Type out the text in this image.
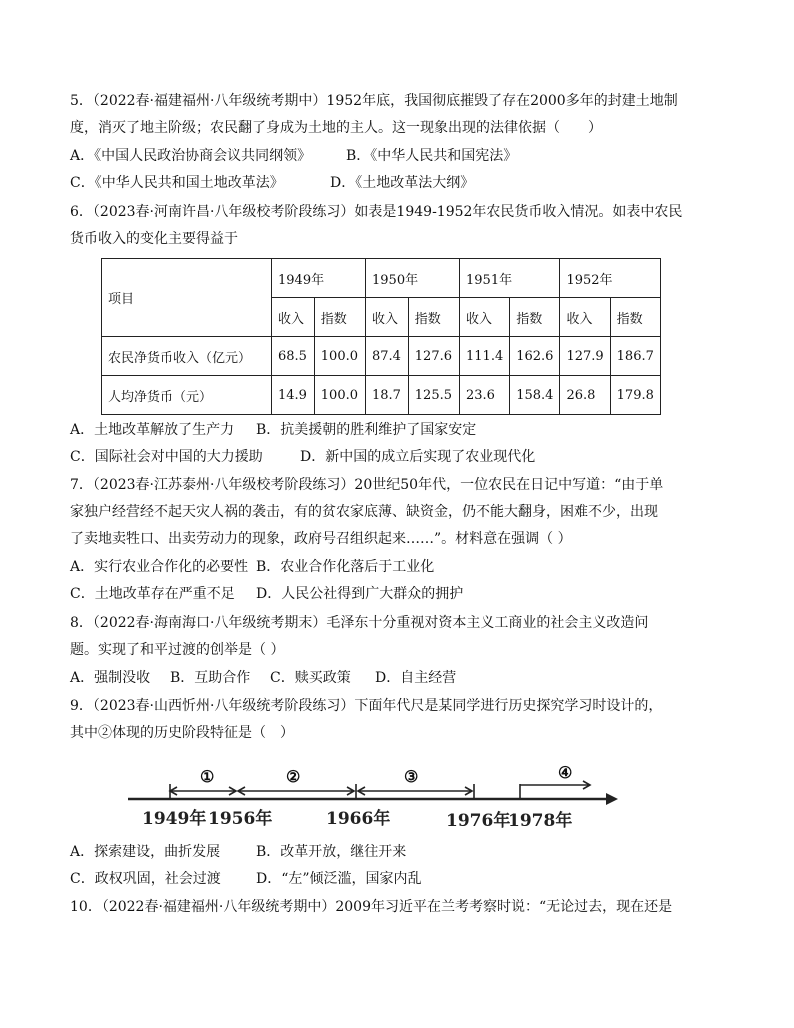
5．（2022春·福建福州·八年级统考期中）1952年底，我国彻底摧毁了存在2000多年的封建土地制
度，消灭了地主阶级；农民翻了身成为土地的主人。这一现象出现的法律依据（　　）
A．《中国人民政治协商会议共同纲领》 B．《中华人民共和国宪法》
C．《中华人民共和国土地改革法》	D．《土地改革法大纲》
6．（2023春·河南许昌·八年级校考阶段练习）如表是1949-1952年农民货币收入情况。如表中农民
货币收入的变化主要得益于
项目	1949年		1950年		1951年		1952年	
	收入	指数	收入	指数	收入	指数	收入	指数
农民净货币收入（亿元）	68.5	100.0	87.4	127.6	111.4	162.6	127.9	186.7
人均净货币（元）	14.9	100.0	18.7	125.5	23.6	158.4	26.8	179.8
A．土地改革解放了生产力 B．抗美援朝的胜利维护了国家安定
C．国际社会对中国的大力援助	D．新中国的成立后实现了农业现代化
7．（2023春·江苏泰州·八年级校考阶段练习）20世纪50年代，一位农民在日记中写道：“由于单
家独户经营经不起天灾人祸的袭击，有的贫农家底薄、缺资金，仍不能大翻身，困难不少，出现
了卖地卖牲口、出卖劳动力的现象，政府号召组织起来……”。材料意在强调（ ）
A．实行农业合作化的必要性 B．农业合作化落后于工业化
C．土地改革存在严重不足 D．人民公社得到广大群众的拥护
8．（2022春·海南海口·八年级统考期末）毛泽东十分重视对资本主义工商业的社会主义改造问
题。实现了和平过渡的创举是（ ）
A．强制没收 B．互助合作 C．赎买政策 D．自主经营
9．（2023春·山西忻州·八年级统考阶段练习）下面年代尺是某同学进行历史探究学习时设计的，
其中②体现的历史阶段特征是（　）
①	②	③	④
1949年 1956年	1966年	1976年
1978年
A．探索建设，曲折发展	B．改革开放，继往开来
C．政权巩固，社会过渡	D．“左”倾泛滥，国家内乱
10．（2022春·福建福州·八年级统考期中）2009年习近平在兰考考察时说：“无论过去，现在还是
